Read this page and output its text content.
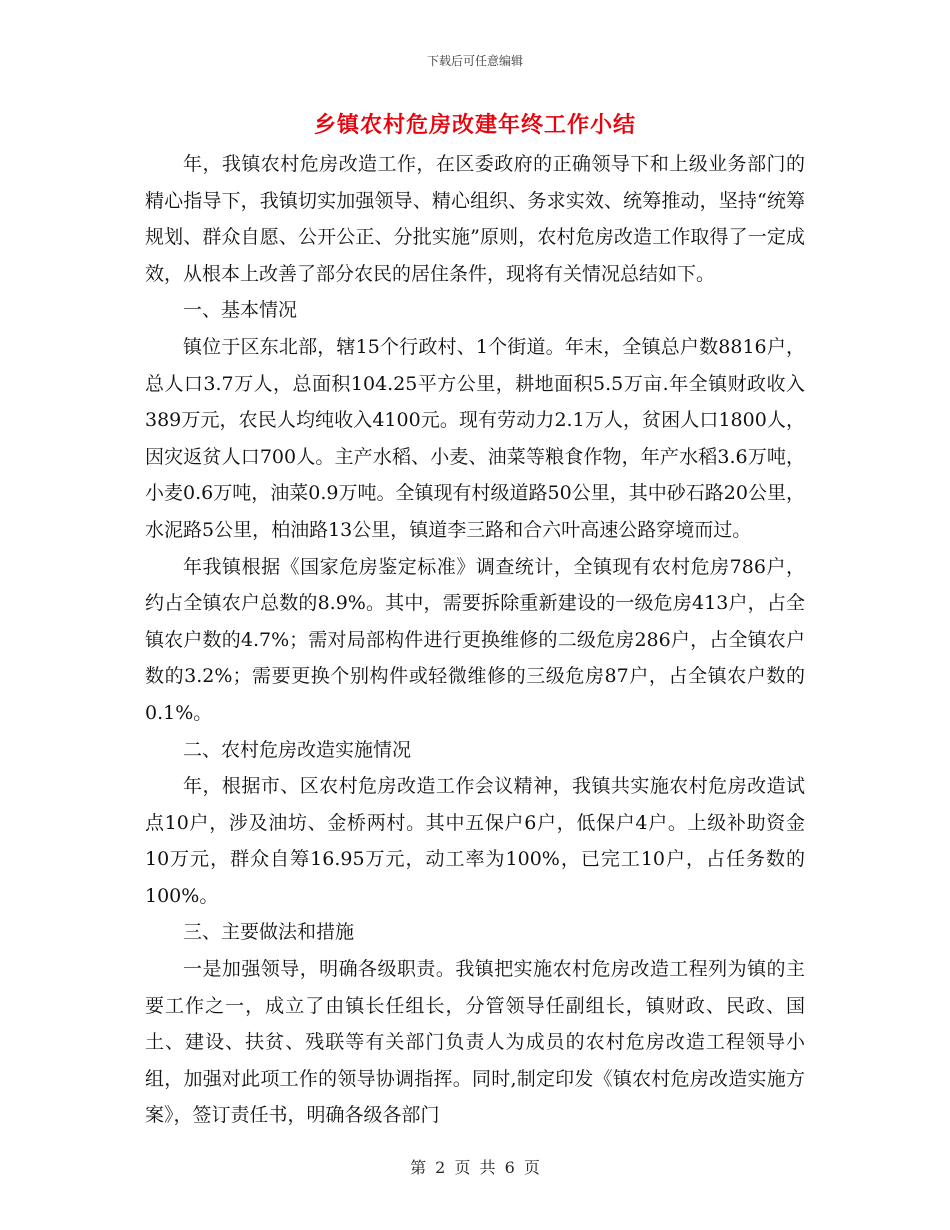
下载后可任意编辑
乡镇农村危房改建年终工作小结

年，我镇农村危房改造工作，在区委政府的正确领导下和上级业务部门的精心指导下，我镇切实加强领导、精心组织、务求实效、统筹推动，坚持“统筹规划、群众自愿、公开公正、分批实施”原则，农村危房改造工作取得了一定成效，从根本上改善了部分农民的居住条件，现将有关情况总结如下。

一、基本情况

镇位于区东北部，辖15个行政村、1个街道。年末，全镇总户数8816户，总人口3.7万人，总面积104.25平方公里，耕地面积5.5万亩.年全镇财政收入389万元，农民人均纯收入4100元。现有劳动力2.1万人，贫困人口1800人，因灾返贫人口700人。主产水稻、小麦、油菜等粮食作物，年产水稻3.6万吨，小麦0.6万吨，油菜0.9万吨。全镇现有村级道路50公里，其中砂石路20公里，水泥路5公里，柏油路13公里，镇道李三路和合六叶高速公路穿境而过。

年我镇根据《国家危房鉴定标准》调查统计，全镇现有农村危房786户，约占全镇农户总数的8.9%。其中，需要拆除重新建设的一级危房413户，占全镇农户数的4.7%；需对局部构件进行更换维修的二级危房286户，占全镇农户数的3.2%；需要更换个别构件或轻微维修的三级危房87户，占全镇农户数的0.1%。

二、农村危房改造实施情况

年，根据市、区农村危房改造工作会议精神，我镇共实施农村危房改造试点10户，涉及油坊、金桥两村。其中五保户6户，低保户4户。上级补助资金10万元，群众自筹16.95万元，动工率为100%，已完工10户，占任务数的100%。

三、主要做法和措施

一是加强领导，明确各级职责。我镇把实施农村危房改造工程列为镇的主要工作之一，成立了由镇长任组长，分管领导任副组长，镇财政、民政、国土、建设、扶贫、残联等有关部门负责人为成员的农村危房改造工程领导小组，加强对此项工作的领导协调指挥。同时,制定印发《镇农村危房改造实施方案》，签订责任书，明确各级各部门

第 2 页 共 6 页
